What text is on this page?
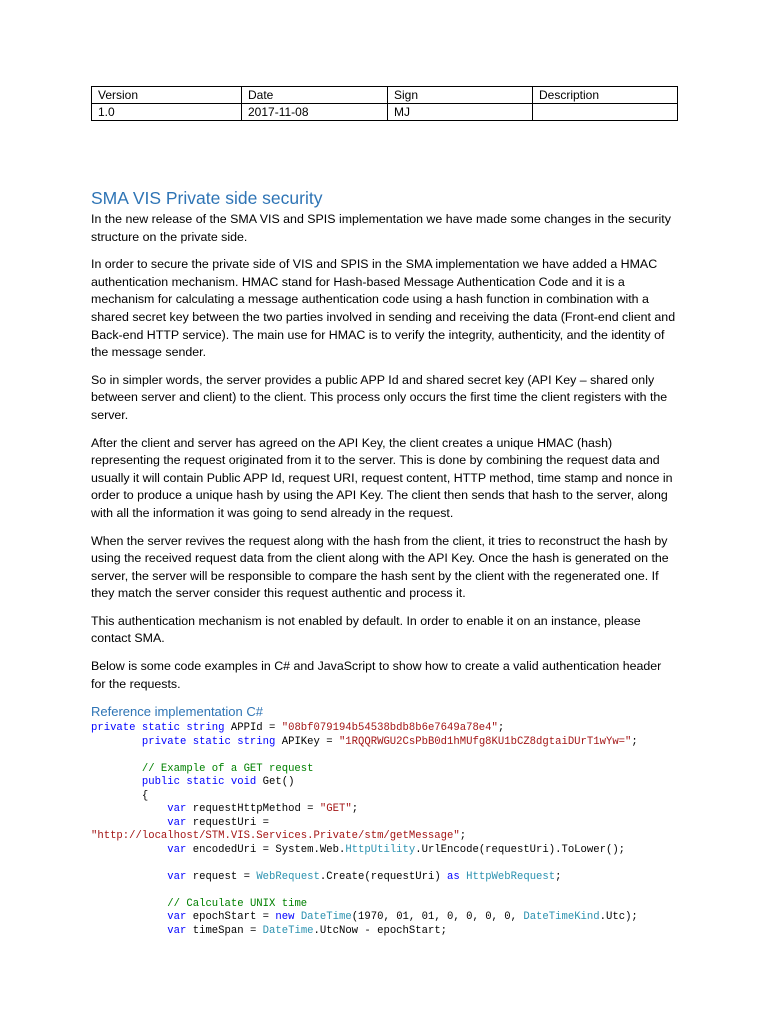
Version	Date	Sign	Description
1.0	2017-11-08	MJ	
SMA VIS Private side security

In the new release of the SMA VIS and SPIS implementation we have made some changes in the security structure on the private side.

In order to secure the private side of VIS and SPIS in the SMA implementation we have added a HMAC authentication mechanism. HMAC stand for Hash-based Message Authentication Code and it is a mechanism for calculating a message authentication code using a hash function in combination with a shared secret key between the two parties involved in sending and receiving the data (Front-end client and Back-end HTTP service). The main use for HMAC is to verify the integrity, authenticity, and the identity of the message sender.

So in simpler words, the server provides a public APP Id and shared secret key (API Key – shared only between server and client) to the client. This process only occurs the first time the client registers with the server.

After the client and server has agreed on the API Key, the client creates a unique HMAC (hash) representing the request originated from it to the server. This is done by combining the request data and usually it will contain Public APP Id, request URI, request content, HTTP method, time stamp and nonce in order to produce a unique hash by using the API Key. The client then sends that hash to the server, along with all the information it was going to send already in the request.

When the server revives the request along with the hash from the client, it tries to reconstruct the hash by using the received request data from the client along with the API Key. Once the hash is generated on the server, the server will be responsible to compare the hash sent by the client with the regenerated one. If they match the server consider this request authentic and process it.

This authentication mechanism is not enabled by default. In order to enable it on an instance, please contact SMA.

Below is some code examples in C# and JavaScript to show how to create a valid authentication header for the requests.

Reference implementation C#
private static string APPId = "08bf079194b54538bdb8b6e7649a78e4";
private static string APIKey = "1RQQRWGU2CsPbB0d1hMUfg8KU1bCZ8dgtaiDUrT1wYw=";
// Example of a GET request
public static void Get()
{
var requestHttpMethod = "GET";
var requestUri =
"http://localhost/STM.VIS.Services.Private/stm/getMessage";
var encodedUri = System.Web.HttpUtility.UrlEncode(requestUri).ToLower();
var request = WebRequest.Create(requestUri) as HttpWebRequest;
// Calculate UNIX time
var epochStart = new DateTime(1970, 01, 01, 0, 0, 0, 0, DateTimeKind.Utc);
var timeSpan = DateTime.UtcNow - epochStart;
